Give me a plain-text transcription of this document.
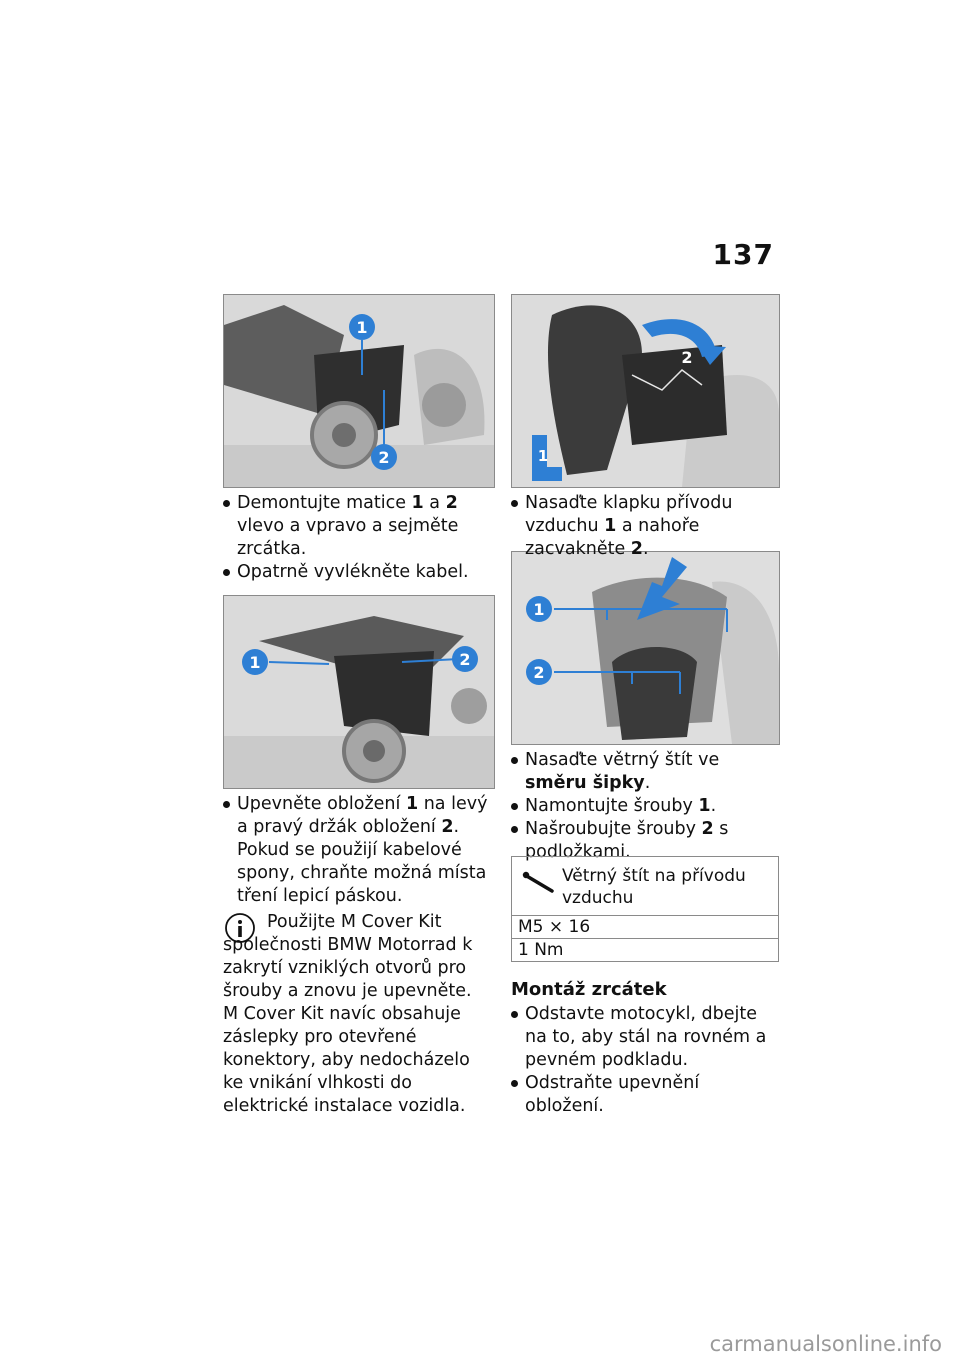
137
1
2
1	2
1
2
1
2

Demontujte matice 1 a 2 vlevo a vpravo a sejměte zrcátka.

Opatrně vyvlékněte kabel.

Upevněte obložení 1 na levý a pravý držák obložení 2. Pokud se použijí kabelové spony, chraňte možná místa tření lepicí páskou.

Použijte M Cover Kit společnosti BMW Motorrad k zakrytí vzniklých otvorů pro šrouby a znovu je upevněte. M Cover Kit navíc obsahuje záslepky pro otevřené konektory, aby nedocházelo ke vnikání vlhkosti do elektrické instalace vozidla.

Nasaďte klapku přívodu vzduchu 1 a nahoře zacvakněte 2.

Nasaďte větrný štít ve směru šipky.

Namontujte šrouby 1.

Našroubujte šrouby 2 s podložkami.

Větrný štít na přívodu vzduchu
M5 × 16
1 Nm
Montáž zrcátek

Odstavte motocykl, dbejte na to, aby stál na rovném a pevném podkladu.

Odstraňte upevnění obložení.

carmanualsonline.info
